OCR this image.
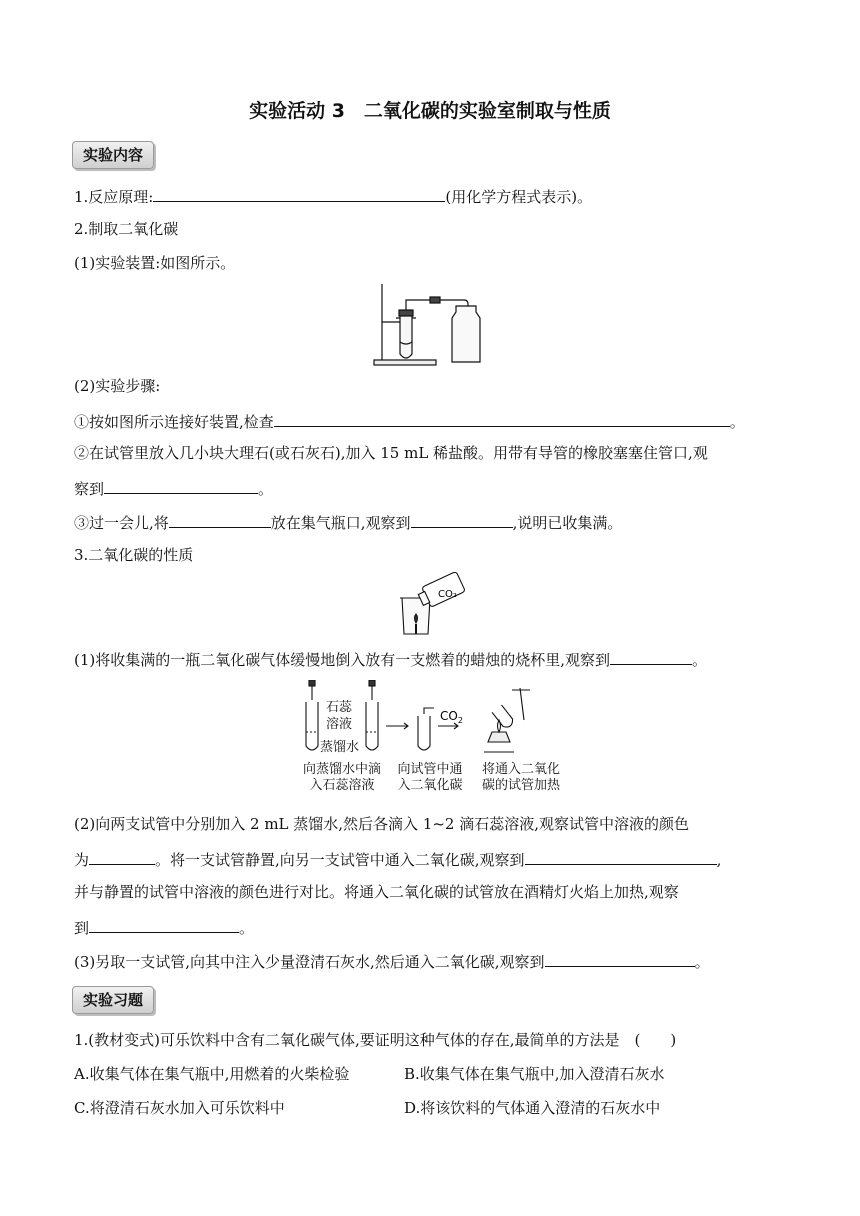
实验活动 3　二氧化碳的实验室制取与性质
实验内容
1.反应原理:	(用化学方程式表示)。
2.制取二氧化碳
(1)实验装置:如图所示。
(2)实验步骤:
①按如图所示连接好装置,检查	。
②在试管里放入几小块大理石(或石灰石),加入 15 mL 稀盐酸。用带有导管的橡胶塞塞住管口,观
察到	。
③过一会儿,将	放在集气瓶口,观察到	,说明已收集满。
3.二氧化碳的性质
CO₂
(1)将收集满的一瓶二氧化碳气体缓慢地倒入放有一支燃着的蜡烛的烧杯里,观察到	。
$CO_2$
石蕊
溶液
蒸馏水
向蒸馏水中滴
入石蕊溶液
向试管中通
入二氧化碳
将通入二氧化
碳的试管加热
(2)向两支试管中分别加入 2 mL 蒸馏水,然后各滴入 1~2 滴石蕊溶液,观察试管中溶液的颜色
为	。将一支试管静置,向另一支试管中通入二氧化碳,观察到	,
并与静置的试管中溶液的颜色进行对比。将通入二氧化碳的试管放在酒精灯火焰上加热,观察
到	。
(3)另取一支试管,向其中注入少量澄清石灰水,然后通入二氧化碳,观察到	。
实验习题
1.(教材变式)可乐饮料中含有二氧化碳气体,要证明这种气体的存在,最简单的方法是　(　　)
A.收集气体在集气瓶中,用燃着的火柴检验	B.收集气体在集气瓶中,加入澄清石灰水
C.将澄清石灰水加入可乐饮料中	D.将该饮料的气体通入澄清的石灰水中
